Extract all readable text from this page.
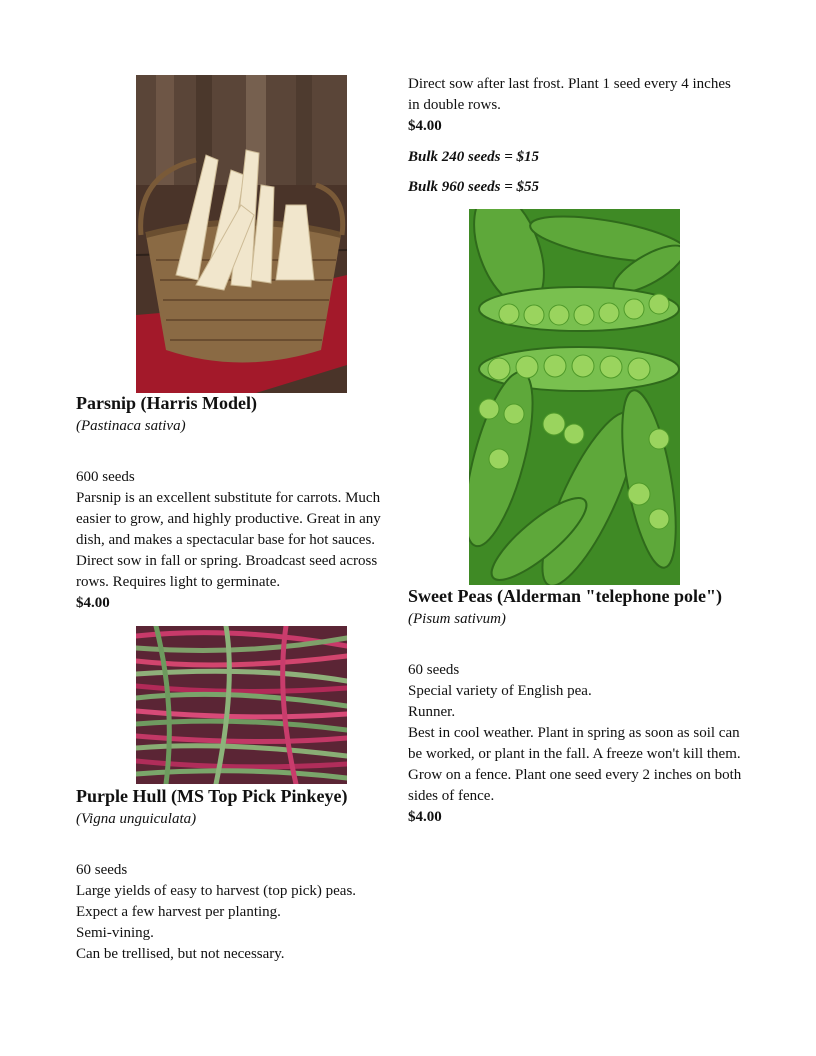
Parsnip (Harris Model)

(Pastinaca sativa)

600 seeds

Parsnip is an excellent substitute for carrots. Much easier to grow, and highly productive. Great in any dish, and makes a spectacular base for hot sauces. Direct sow in fall or spring. Broadcast seed across rows. Requires light to germinate.

$4.00

Purple Hull (MS Top Pick Pinkeye)

(Vigna unguiculata)

60 seeds

Large yields of easy to harvest (top pick) peas.

Expect a few harvest per planting.

Semi-vining.

Can be trellised, but not necessary.

Direct sow after last frost. Plant 1 seed every 4 inches in double rows.

$4.00

Bulk 240 seeds = $15

Bulk 960 seeds = $55

Sweet Peas (Alderman "telephone pole")

(Pisum sativum)

60 seeds

Special variety of English pea.

Runner.

Best in cool weather. Plant in spring as soon as soil can be worked, or plant in the fall. A freeze won't kill them.

Grow on a fence. Plant one seed every 2 inches on both sides of fence.

$4.00
